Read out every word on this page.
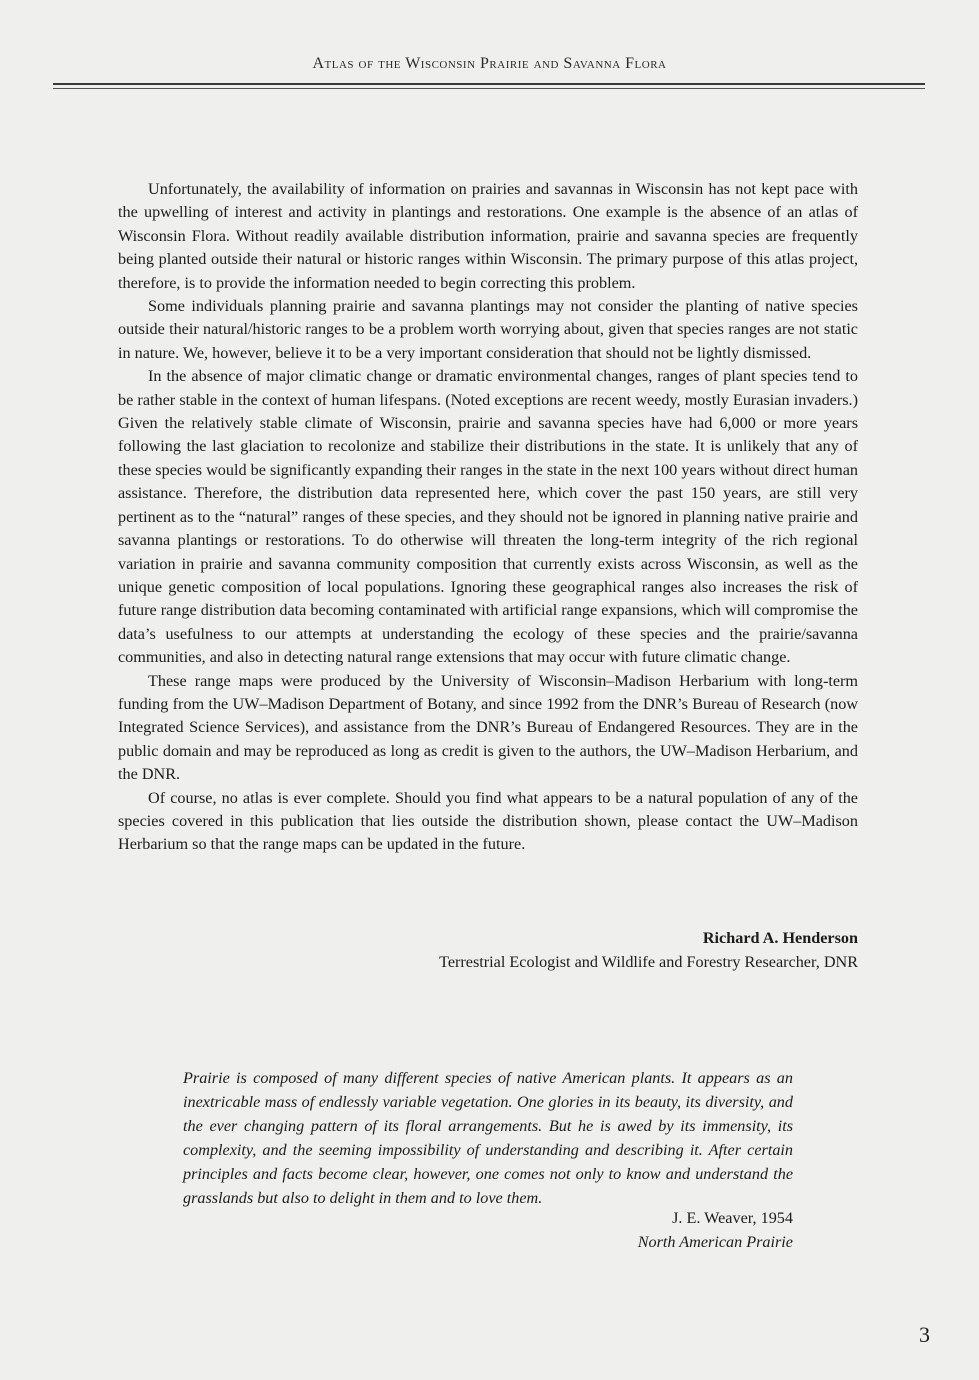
Atlas of the Wisconsin Prairie and Savanna Flora

Unfortunately, the availability of information on prairies and savannas in Wisconsin has not kept pace with the upwelling of interest and activity in plantings and restorations. One example is the absence of an atlas of Wisconsin Flora. Without readily available distribution information, prairie and savanna species are frequently being planted outside their natural or historic ranges within Wisconsin. The primary purpose of this atlas project, therefore, is to provide the information needed to begin correcting this problem.

Some individuals planning prairie and savanna plantings may not consider the planting of native species outside their natural/historic ranges to be a problem worth worrying about, given that species ranges are not static in nature. We, however, believe it to be a very important consideration that should not be lightly dismissed.

In the absence of major climatic change or dramatic environmental changes, ranges of plant species tend to be rather stable in the context of human lifespans. (Noted exceptions are recent weedy, mostly Eurasian invaders.) Given the relatively stable climate of Wisconsin, prairie and savanna species have had 6,000 or more years following the last glaciation to recolonize and stabilize their distributions in the state. It is unlikely that any of these species would be significantly expanding their ranges in the state in the next 100 years without direct human assistance. Therefore, the distribution data represented here, which cover the past 150 years, are still very pertinent as to the “natural” ranges of these species, and they should not be ignored in planning native prairie and savanna plantings or restorations. To do otherwise will threaten the long-term integrity of the rich regional variation in prairie and savanna community composition that currently exists across Wisconsin, as well as the unique genetic composition of local populations. Ignoring these geographical ranges also increases the risk of future range distribution data becoming contaminated with artificial range expansions, which will compromise the data’s usefulness to our attempts at understanding the ecology of these species and the prairie/savanna communities, and also in detecting natural range extensions that may occur with future climatic change.

These range maps were produced by the University of Wisconsin–Madison Herbarium with long-term funding from the UW–Madison Department of Botany, and since 1992 from the DNR’s Bureau of Research (now Integrated Science Services), and assistance from the DNR’s Bureau of Endangered Resources. They are in the public domain and may be reproduced as long as credit is given to the authors, the UW–Madison Herbarium, and the DNR.

Of course, no atlas is ever complete. Should you find what appears to be a natural population of any of the species covered in this publication that lies outside the distribution shown, please contact the UW–Madison Herbarium so that the range maps can be updated in the future.

Richard A. Henderson
Terrestrial Ecologist and Wildlife and Forestry Researcher, DNR

Prairie is composed of many different species of native American plants. It appears as an inextricable mass of endlessly variable vegetation. One glories in its beauty, its diversity, and the ever changing pattern of its floral arrangements. But he is awed by its immensity, its complexity, and the seeming impossibility of understanding and describing it. After certain principles and facts become clear, however, one comes not only to know and understand the grasslands but also to delight in them and to love them.

J. E. Weaver, 1954
North American Prairie
3
